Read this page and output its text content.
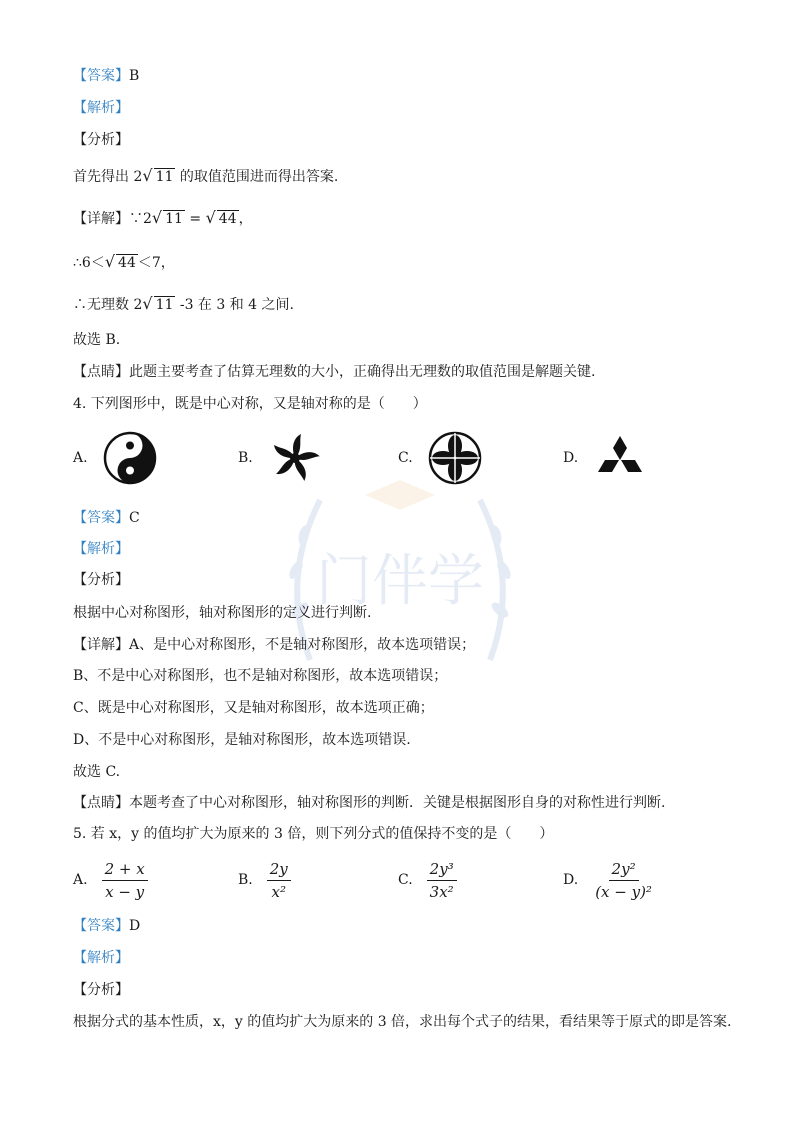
门伴学
【答案】B
【解析】
【分析】
首先得出 2√ 11 的取值范围进而得出答案.
【详解】∵2√ 11 = √ 44 ，
∴6＜√ 44 ＜7，
∴无理数 2√ 11 -3 在 3 和 4 之间.
故选 B.
【点睛】此题主要考查了估算无理数的大小，正确得出无理数的取值范围是解题关键.
4. 下列图形中，既是中心对称，又是轴对称的是（　　）
A.	B.	C.	D.
【答案】C
【解析】
【分析】
根据中心对称图形，轴对称图形的定义进行判断.
【详解】A、是中心对称图形，不是轴对称图形，故本选项错误；
B、不是中心对称图形，也不是轴对称图形，故本选项错误；
C、既是中心对称图形，又是轴对称图形，故本选项正确；
D、不是中心对称图形，是轴对称图形，故本选项错误.
故选 C.
【点睛】本题考查了中心对称图形，轴对称图形的判断．关键是根据图形自身的对称性进行判断.
5. 若 x，y 的值均扩大为原来的 3 倍，则下列分式的值保持不变的是（　　）
A. $\frac{2 + x}{x - y}$	B. $\frac{2y}{\text{x²}}$	C. $\frac{\text{2y³}}{\text{3x²}}$	D. $\frac{\text{2y²}}{\text{(x − y)²}}$
【答案】D
【解析】
【分析】
根据分式的基本性质，x，y 的值均扩大为原来的 3 倍，求出每个式子的结果，看结果等于原式的即是答案.
